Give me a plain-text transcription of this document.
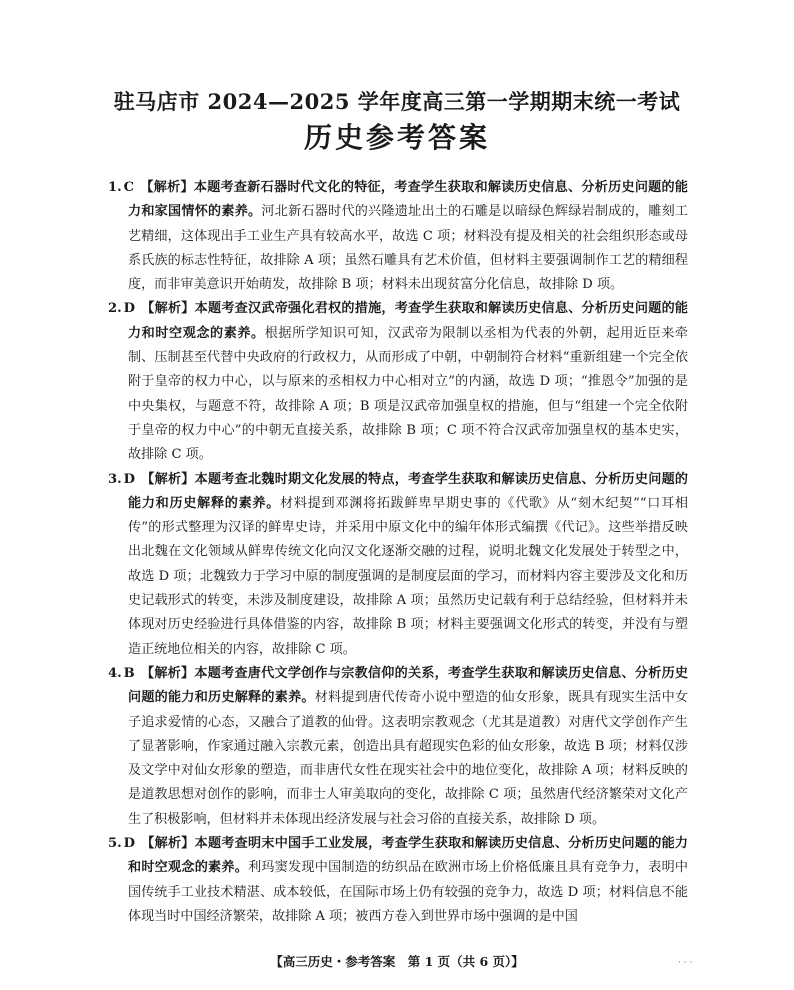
驻马店市 2024—2025 学年度高三第一学期期末统一考试
历史参考答案

1. C 【解析】本题考查新石器时代文化的特征，考查学生获取和解读历史信息、分析历史问题的能力和家国情怀的素养。河北新石器时代的兴隆遗址出土的石雕是以暗绿色辉绿岩制成的，雕刻工艺精细，这体现出手工业生产具有较高水平，故选 C 项；材料没有提及相关的社会组织形态或母系氏族的标志性特征，故排除 A 项；虽然石雕具有艺术价值，但材料主要强调制作工艺的精细程度，而非审美意识开始萌发，故排除 B 项；材料未出现贫富分化信息，故排除 D 项。

2. D 【解析】本题考查汉武帝强化君权的措施，考查学生获取和解读历史信息、分析历史问题的能力和时空观念的素养。根据所学知识可知，汉武帝为限制以丞相为代表的外朝，起用近臣来牵制、压制甚至代替中央政府的行政权力，从而形成了中朝，中朝制符合材料“重新组建一个完全依附于皇帝的权力中心，以与原来的丞相权力中心相对立”的内涵，故选 D 项；“推恩令”加强的是中央集权，与题意不符，故排除 A 项；B 项是汉武帝加强皇权的措施，但与“组建一个完全依附于皇帝的权力中心”的中朝无直接关系，故排除 B 项；C 项不符合汉武帝加强皇权的基本史实，故排除 C 项。

3. D 【解析】本题考查北魏时期文化发展的特点，考查学生获取和解读历史信息、分析历史问题的能力和历史解释的素养。材料提到邓渊将拓跋鲜卑早期史事的《代歌》从“刻木纪契”“口耳相传”的形式整理为汉译的鲜卑史诗，并采用中原文化中的编年体形式编撰《代记》。这些举措反映出北魏在文化领域从鲜卑传统文化向汉文化逐渐交融的过程，说明北魏文化发展处于转型之中，故选 D 项；北魏致力于学习中原的制度强调的是制度层面的学习，而材料内容主要涉及文化和历史记载形式的转变，未涉及制度建设，故排除 A 项；虽然历史记载有利于总结经验，但材料并未体现对历史经验进行具体借鉴的内容，故排除 B 项；材料主要强调文化形式的转变，并没有与塑造正统地位相关的内容，故排除 C 项。

4. B 【解析】本题考查唐代文学创作与宗教信仰的关系，考查学生获取和解读历史信息、分析历史问题的能力和历史解释的素养。材料提到唐代传奇小说中塑造的仙女形象，既具有现实生活中女子追求爱情的心态，又融合了道教的仙骨。这表明宗教观念（尤其是道教）对唐代文学创作产生了显著影响，作家通过融入宗教元素，创造出具有超现实色彩的仙女形象，故选 B 项；材料仅涉及文学中对仙女形象的塑造，而非唐代女性在现实社会中的地位变化，故排除 A 项；材料反映的是道教思想对创作的影响，而非士人审美取向的变化，故排除 C 项；虽然唐代经济繁荣对文化产生了积极影响，但材料并未体现出经济发展与社会习俗的直接关系，故排除 D 项。

5. D 【解析】本题考查明末中国手工业发展，考查学生获取和解读历史信息、分析历史问题的能力和时空观念的素养。利玛窦发现中国制造的纺织品在欧洲市场上价格低廉且具有竞争力，表明中国传统手工业技术精湛、成本较低，在国际市场上仍有较强的竞争力，故选 D 项；材料信息不能体现当时中国经济繁荣，故排除 A 项；被西方卷入到世界市场中强调的是中国

【高三历史・参考答案　第 1 页（共 6 页）】	· · ·
